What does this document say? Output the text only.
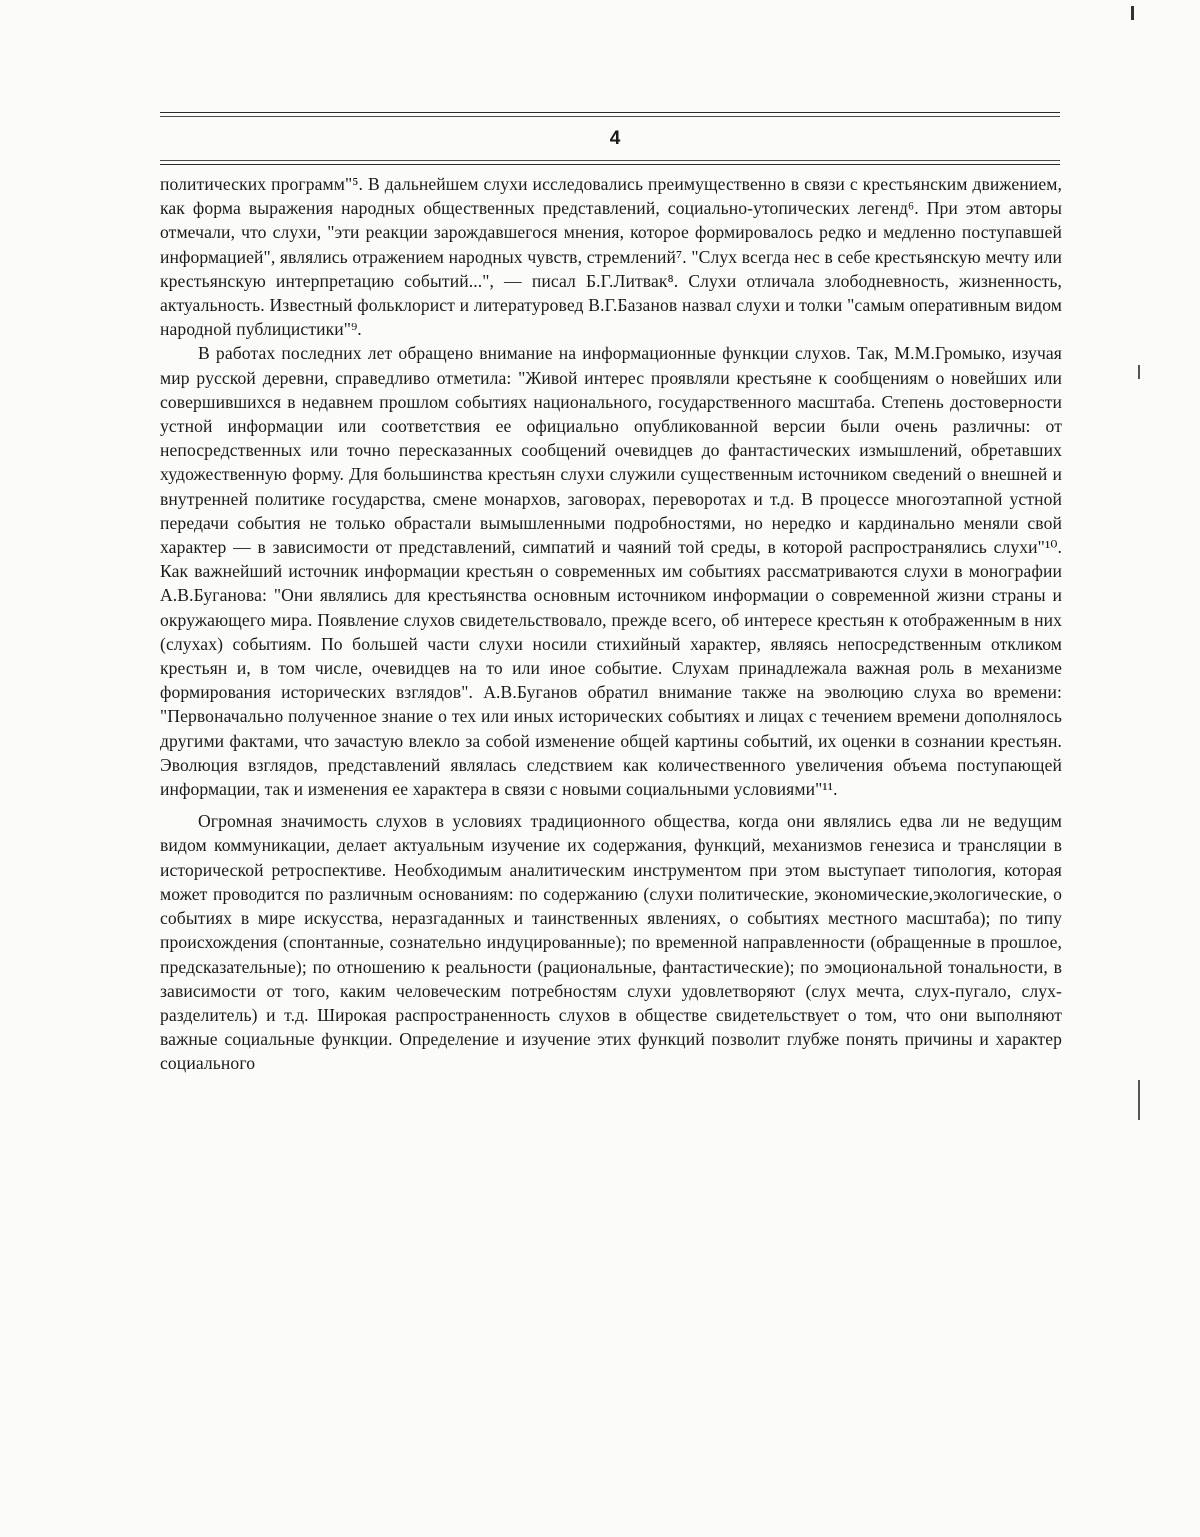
4

политических программ"⁵. В дальнейшем слухи исследовались преимущественно в связи с крестьянским движением, как форма выражения народных общественных представлений, социально-утопических легенд⁶. При этом авторы отмечали, что слухи, "эти реакции зарождавшегося мнения, которое формировалось редко и медленно поступавшей информацией", являлись отражением народных чувств, стремлений⁷. "Слух всегда нес в себе крестьянскую мечту или крестьянскую интерпретацию событий...", — писал Б.Г.Литвак⁸. Слухи отличала злободневность, жизненность, актуальность. Известный фольклорист и литературовед В.Г.Базанов назвал слухи и толки "самым оперативным видом народной публицистики"⁹.

В работах последних лет обращено внимание на информационные функции слухов. Так, М.М.Громыко, изучая мир русской деревни, справедливо отметила: "Живой интерес проявляли крестьяне к сообщениям о новейших или совершившихся в недавнем прошлом событиях национального, государственного масштаба. Степень достоверности устной информации или соответствия ее официально опубликованной версии были очень различны: от непосредственных или точно пересказанных сообщений очевидцев до фантастических измышлений, обретавших художественную форму. Для большинства крестьян слухи служили существенным источником сведений о внешней и внутренней политике государства, смене монархов, заговорах, переворотах и т.д. В процессе многоэтапной устной передачи события не только обрастали вымышленными подробностями, но нередко и кардинально меняли свой характер — в зависимости от представлений, симпатий и чаяний той среды, в которой распространялись слухи"¹⁰. Как важнейший источник информации крестьян о современных им событиях рассматриваются слухи в монографии А.В.Буганова: "Они являлись для крестьянства основным источником информации о современной жизни страны и окружающего мира. Появление слухов свидетельствовало, прежде всего, об интересе крестьян к отображенным в них (слухах) событиям. По большей части слухи носили стихийный характер, являясь непосредственным откликом крестьян и, в том числе, очевидцев на то или иное событие. Слухам принадлежала важная роль в механизме формирования исторических взглядов". А.В.Буганов обратил внимание также на эволюцию слуха во времени: "Первоначально полученное знание о тех или иных исторических событиях и лицах с течением времени дополнялось другими фактами, что зачастую влекло за собой изменение общей картины событий, их оценки в сознании крестьян. Эволюция взглядов, представлений являлась следствием как количественного увеличения объема поступающей информации, так и изменения ее характера в связи с новыми социальными условиями"¹¹.

Огромная значимость слухов в условиях традиционного общества, когда они являлись едва ли не ведущим видом коммуникации, делает актуальным изучение их содержания, функций, механизмов генезиса и трансляции в исторической ретроспективе. Необходимым аналитическим инструментом при этом выступает типология, которая может проводится по различным основаниям: по содержанию (слухи политические, экономические,экологические, о событиях в мире искусства, неразгаданных и таинственных явлениях, о событиях местного масштаба); по типу происхождения (спонтанные, сознательно индуцированные); по временной направленности (обращенные в прошлое, предсказательные); по отношению к реальности (рациональные, фантастические); по эмоциональной тональности, в зависимости от того, каким человеческим потребностям слухи удовлетворяют (слух мечта, слух-пугало, слух-разделитель) и т.д. Широкая распространенность слухов в обществе свидетельствует о том, что они выполняют важные социальные функции. Определение и изучение этих функций позволит глубже понять причины и характер социального
